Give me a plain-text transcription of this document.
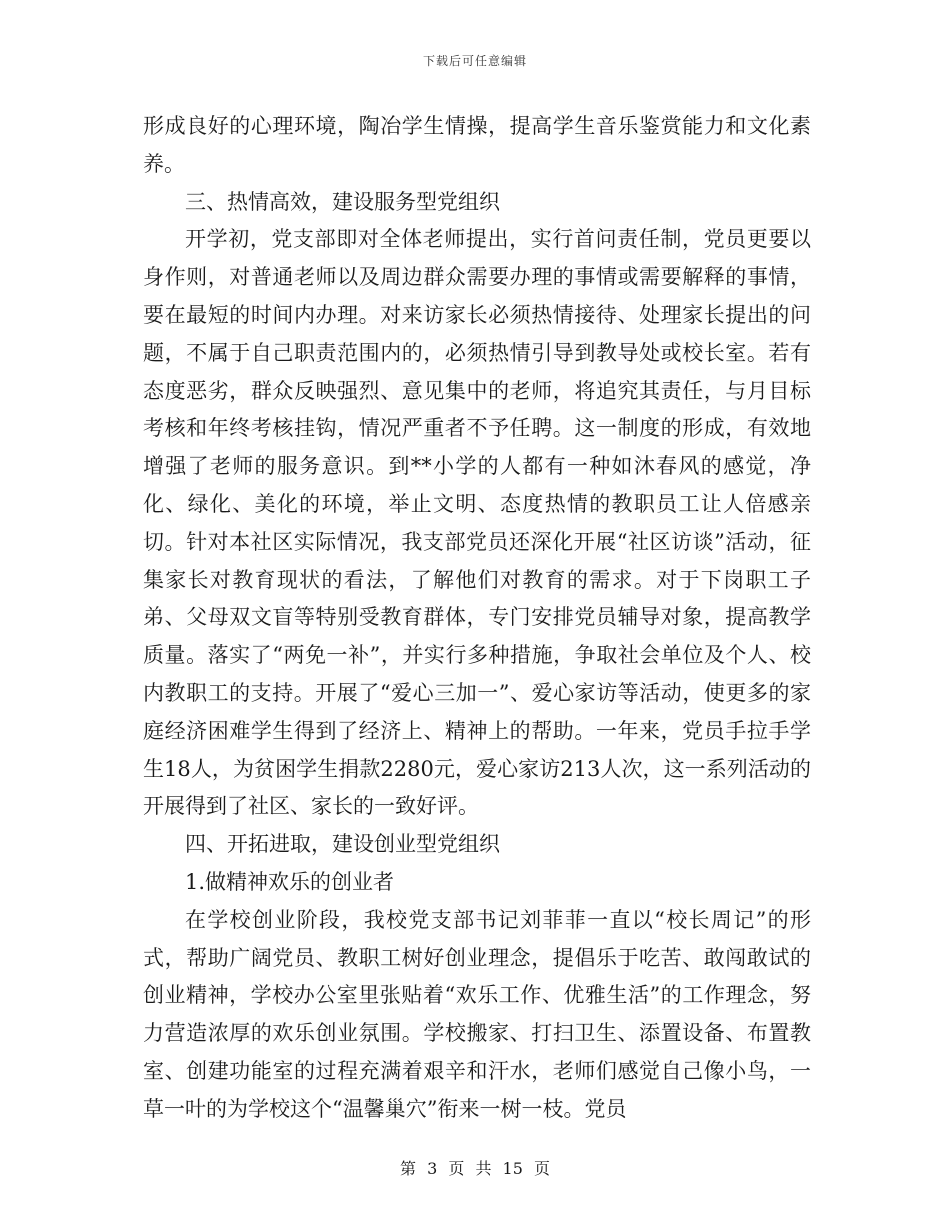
下载后可任意编辑

形成良好的心理环境，陶冶学生情操，提高学生音乐鉴赏能力和文化素养。

三、热情高效，建设服务型党组织

开学初，党支部即对全体老师提出，实行首问责任制，党员更要以身作则，对普通老师以及周边群众需要办理的事情或需要解释的事情，要在最短的时间内办理。对来访家长必须热情接待、处理家长提出的问题，不属于自己职责范围内的，必须热情引导到教导处或校长室。若有态度恶劣，群众反映强烈、意见集中的老师，将追究其责任，与月目标考核和年终考核挂钩，情况严重者不予任聘。这一制度的形成，有效地增强了老师的服务意识。到**小学的人都有一种如沐春风的感觉，净化、绿化、美化的环境，举止文明、态度热情的教职员工让人倍感亲切。针对本社区实际情况，我支部党员还深化开展“社区访谈”活动，征集家长对教育现状的看法，了解他们对教育的需求。对于下岗职工子弟、父母双文盲等特别受教育群体，专门安排党员辅导对象，提高教学质量。落实了“两免一补”，并实行多种措施，争取社会单位及个人、校内教职工的支持。开展了“爱心三加一”、爱心家访等活动，使更多的家庭经济困难学生得到了经济上、精神上的帮助。一年来，党员手拉手学生18人，为贫困学生捐款2280元，爱心家访213人次，这一系列活动的开展得到了社区、家长的一致好评。

四、开拓进取，建设创业型党组织

1.做精神欢乐的创业者

在学校创业阶段，我校党支部书记刘菲菲一直以“校长周记”的形式，帮助广阔党员、教职工树好创业理念，提倡乐于吃苦、敢闯敢试的创业精神，学校办公室里张贴着“欢乐工作、优雅生活”的工作理念，努力营造浓厚的欢乐创业氛围。学校搬家、打扫卫生、添置设备、布置教室、创建功能室的过程充满着艰辛和汗水，老师们感觉自己像小鸟，一草一叶的为学校这个“温馨巢穴”衔来一树一枝。党员

第 3 页 共 15 页
